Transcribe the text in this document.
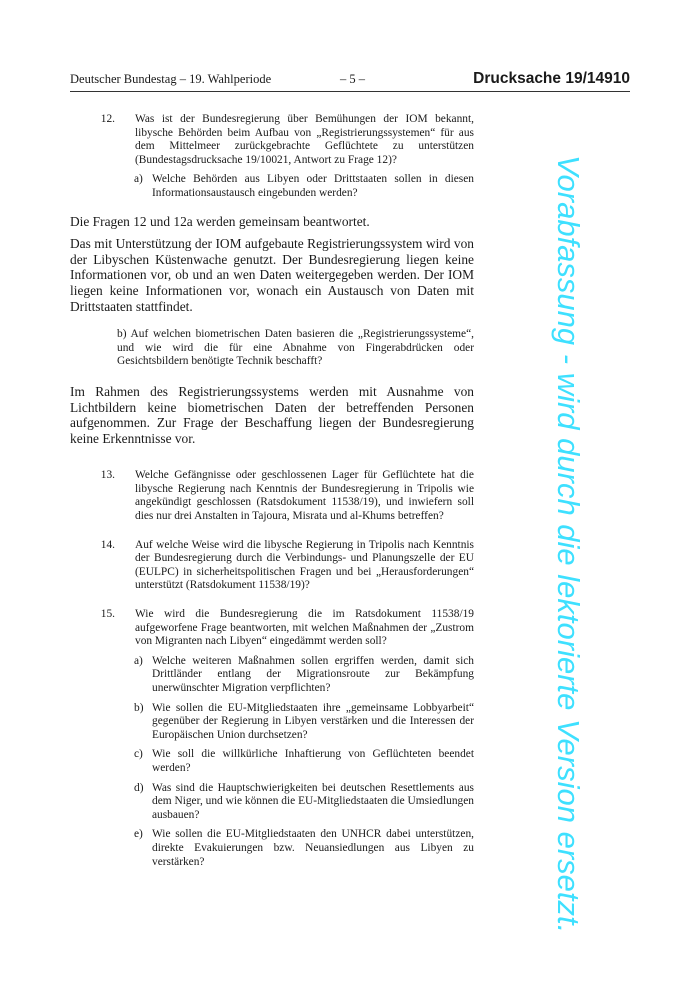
Deutscher Bundestag – 19. Wahlperiode	– 5 –	Drucksache 19/14910
12.	Was ist der Bundesregierung über Bemühungen der IOM bekannt, libysche Behörden beim Aufbau von „Registrierungssystemen“ für aus dem Mittelmeer zurückgebrachte Geflüchtete zu unterstützen (Bundestagsdrucksache 19/10021, Antwort zu Frage 12)?
a) Welche Behörden aus Libyen oder Drittstaaten sollen in diesen Informationsaustausch eingebunden werden?

Die Fragen 12 und 12a werden gemeinsam beantwortet.

Das mit Unterstützung der IOM aufgebaute Registrierungssystem wird von der Libyschen Küstenwache genutzt. Der Bundesregierung liegen keine Informationen vor, ob und an wen Daten weitergegeben werden. Der IOM liegen keine Informationen vor, wonach ein Austausch von Daten mit Drittstaaten stattfindet.

b) Auf welchen biometrischen Daten basieren die „Registrierungssysteme“, und wie wird die für eine Abnahme von Fingerabdrücken oder Gesichtsbildern benötigte Technik beschafft?

Im Rahmen des Registrierungssystems werden mit Ausnahme von Lichtbildern keine biometrischen Daten der betreffenden Personen aufgenommen. Zur Frage der Beschaffung liegen der Bundesregierung keine Erkenntnisse vor.

13.	Welche Gefängnisse oder geschlossenen Lager für Geflüchtete hat die libysche Regierung nach Kenntnis der Bundesregierung in Tripolis wie angekündigt geschlossen (Ratsdokument 11538/19), und inwiefern soll dies nur drei Anstalten in Tajoura, Misrata und al-Khums betreffen?
14.	Auf welche Weise wird die libysche Regierung in Tripolis nach Kenntnis der Bundesregierung durch die Verbindungs- und Planungszelle der EU (EULPC) in sicherheitspolitischen Fragen und bei „Herausforderungen“ unterstützt (Ratsdokument 11538/19)?
15.	Wie wird die Bundesregierung die im Ratsdokument 11538/19 aufgeworfene Frage beantworten, mit welchen Maßnahmen der „Zustrom von Migranten nach Libyen“ eingedämmt werden soll?
a) Welche weiteren Maßnahmen sollen ergriffen werden, damit sich Drittländer entlang der Migrationsroute zur Bekämpfung unerwünschter Migration verpflichten?
b) Wie sollen die EU-Mitgliedstaaten ihre „gemeinsame Lobbyarbeit“ gegenüber der Regierung in Libyen verstärken und die Interessen der Europäischen Union durchsetzen?
c) Wie soll die willkürliche Inhaftierung von Geflüchteten beendet werden?
d) Was sind die Hauptschwierigkeiten bei deutschen Resettlements aus dem Niger, und wie können die EU-Mitgliedstaaten die Umsiedlungen ausbauen?
e) Wie sollen die EU-Mitgliedstaaten den UNHCR dabei unterstützen, direkte Evakuierungen bzw. Neuansiedlungen aus Libyen zu verstärken?	Vorabfassung - wird durch die lektorierte Version ersetzt.
